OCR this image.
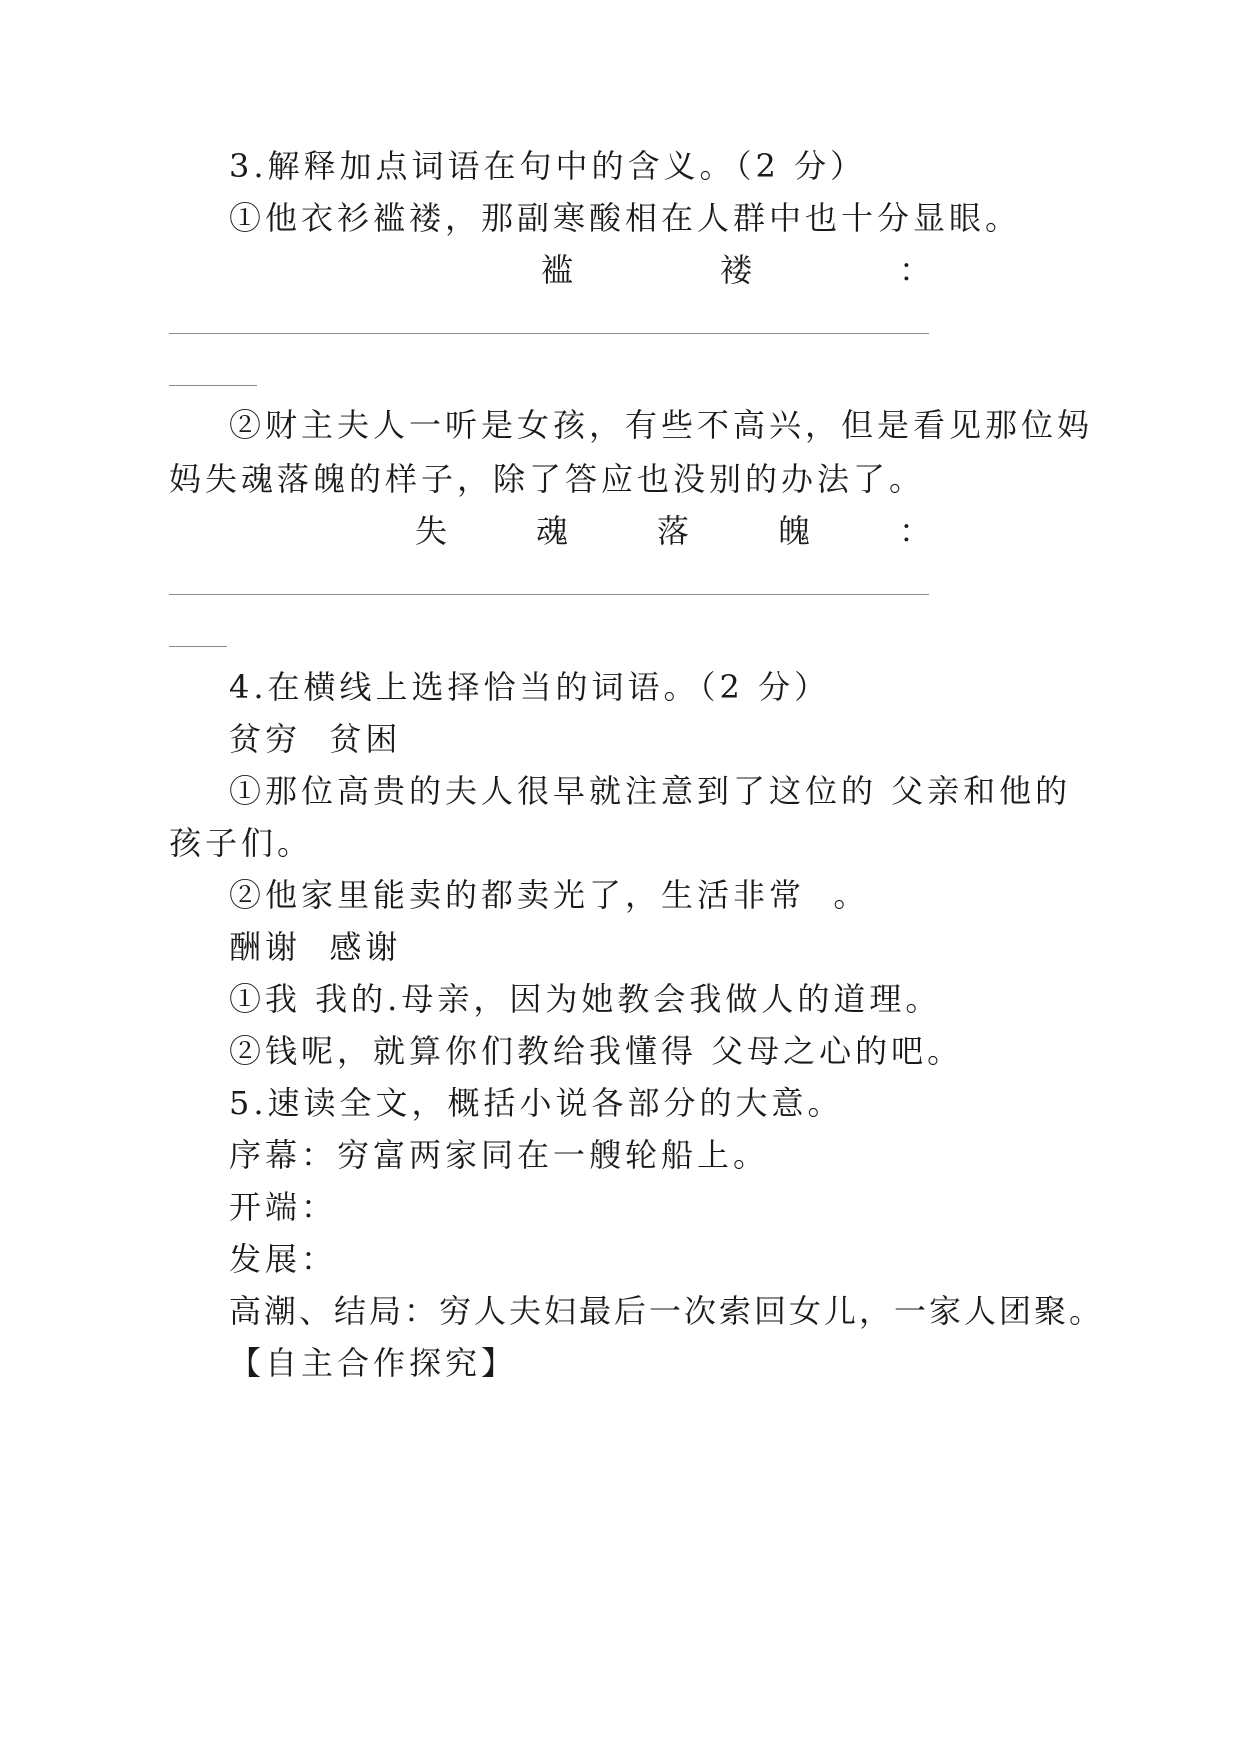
3.解释加点词语在句中的含义。（2 分）
①他衣衫褴褛，那副寒酸相在人群中也十分显眼。
褴	褛	：
②财主夫人一听是女孩，有些不高兴，但是看见那位妈
妈失魂落魄的样子，除了答应也没别的办法了。
失	魂	落	魄	：
4.在横线上选择恰当的词语。（2 分）
贫穷  贫困
①那位高贵的夫人很早就注意到了这位的 父亲和他的
孩子们。
②他家里能卖的都卖光了，生活非常  。
酬谢  感谢
①我 我的.母亲，因为她教会我做人的道理。
②钱呢，就算你们教给我懂得 父母之心的吧。
5.速读全文，概括小说各部分的大意。
序幕：穷富两家同在一艘轮船上。
开端：
发展：
高潮、结局：穷人夫妇最后一次索回女儿，一家人团聚。
【自主合作探究】
